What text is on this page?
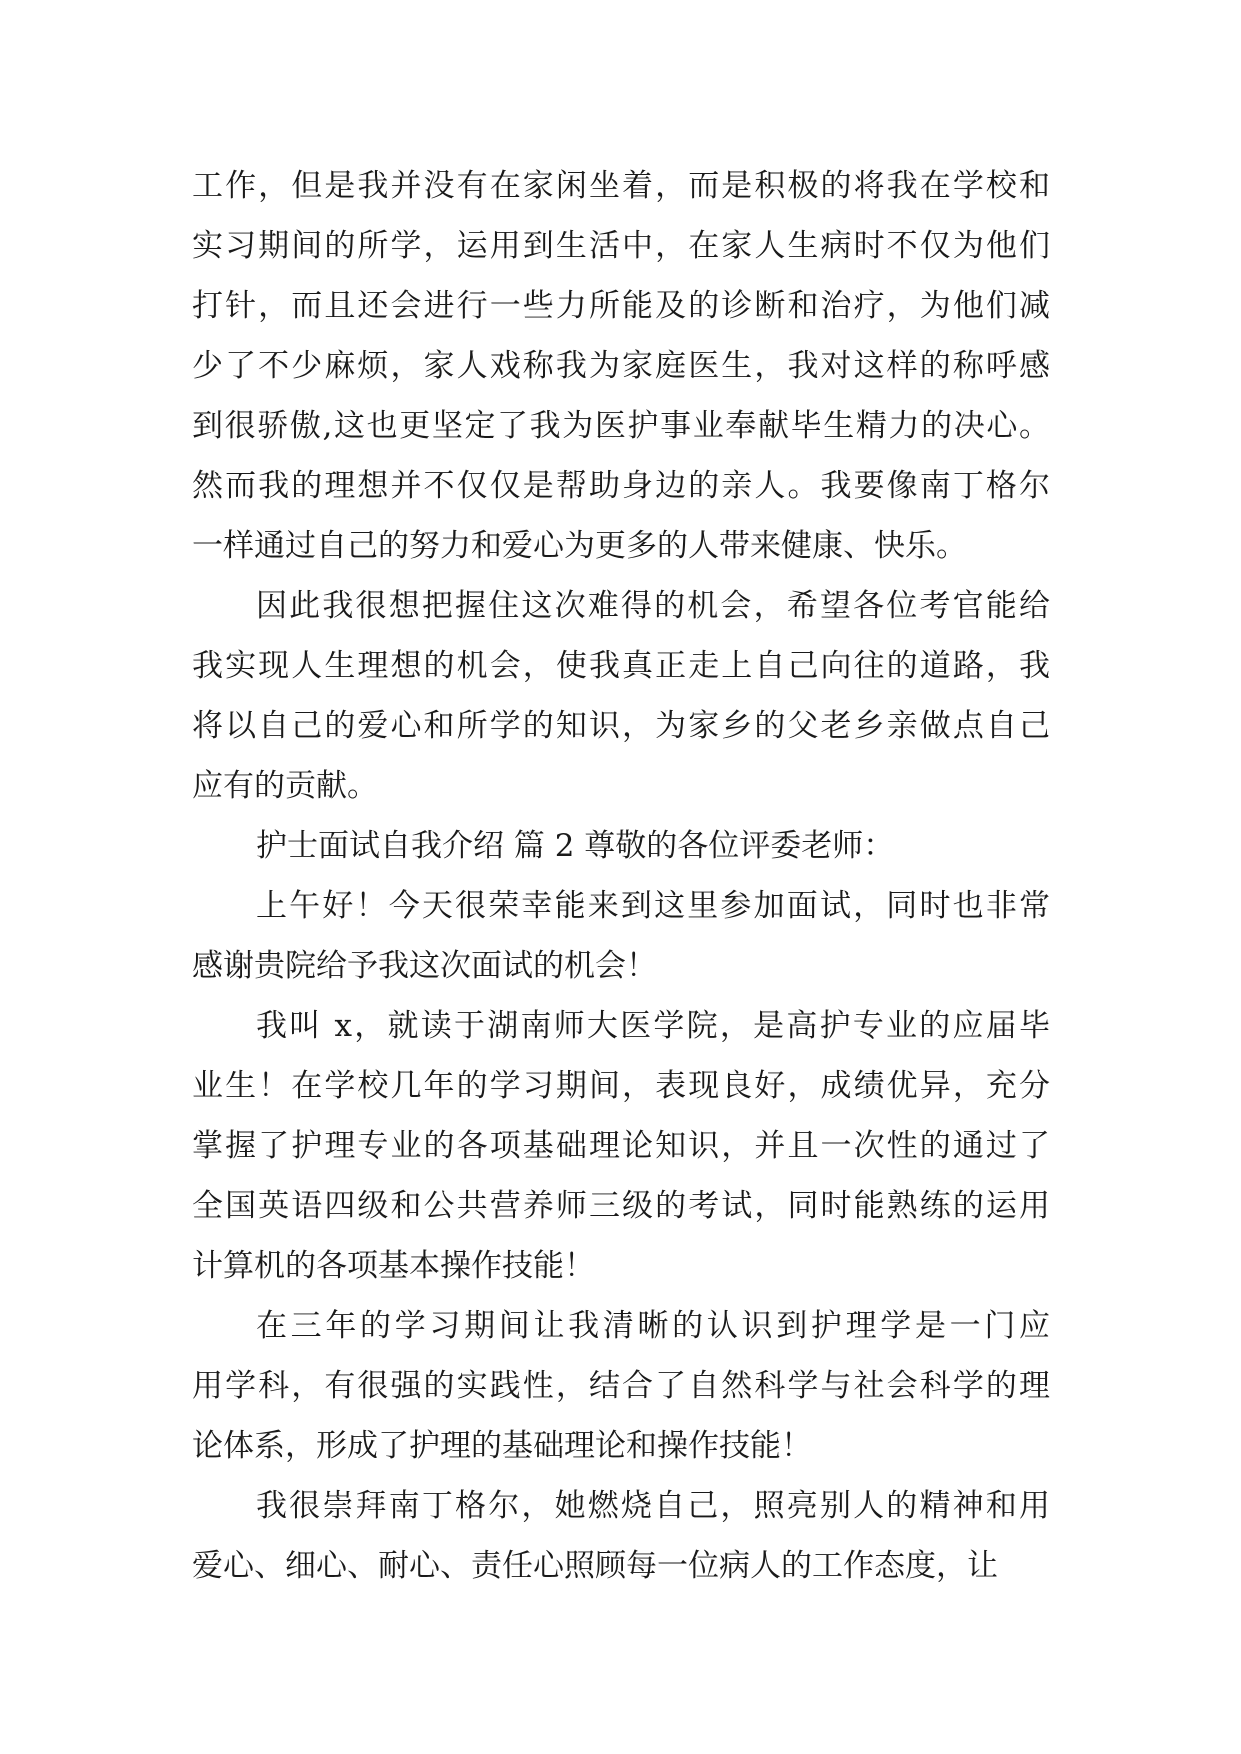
工作，但是我并没有在家闲坐着，而是积极的将我在学校和
实习期间的所学，运用到生活中，在家人生病时不仅为他们
打针，而且还会进行一些力所能及的诊断和治疗，为他们减
少了不少麻烦，家人戏称我为家庭医生，我对这样的称呼感
到很骄傲,这也更坚定了我为医护事业奉献毕生精力的决心。
然而我的理想并不仅仅是帮助身边的亲人。我要像南丁格尔
一样通过自己的努力和爱心为更多的人带来健康、快乐。
因此我很想把握住这次难得的机会，希望各位考官能给
我实现人生理想的机会，使我真正走上自己向往的道路，我
将以自己的爱心和所学的知识，为家乡的父老乡亲做点自己
应有的贡献。
护士面试自我介绍 篇 2 尊敬的各位评委老师：
上午好！今天很荣幸能来到这里参加面试，同时也非常
感谢贵院给予我这次面试的机会！
我叫 x，就读于湖南师大医学院，是高护专业的应届毕
业生！在学校几年的学习期间，表现良好，成绩优异，充分
掌握了护理专业的各项基础理论知识，并且一次性的通过了
全国英语四级和公共营养师三级的考试，同时能熟练的运用
计算机的各项基本操作技能！
在三年的学习期间让我清晰的认识到护理学是一门应
用学科，有很强的实践性，结合了自然科学与社会科学的理
论体系，形成了护理的基础理论和操作技能！
我很崇拜南丁格尔，她燃烧自己，照亮别人的精神和用
爱心、细心、耐心、责任心照顾每一位病人的工作态度，让
